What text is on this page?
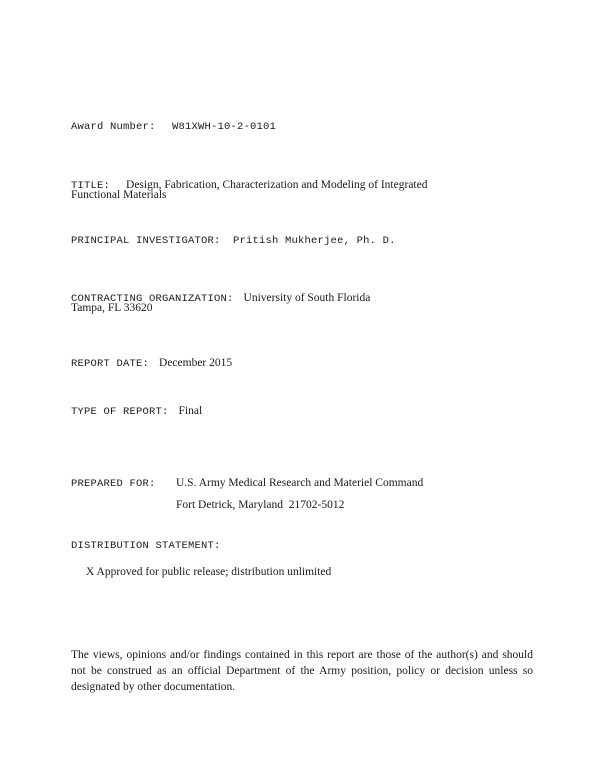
Award Number: W81XWH-10-2-0101
TITLE: Design, Fabrication, Characterization and Modeling of Integrated
Functional Materials
PRINCIPAL INVESTIGATOR: Pritish Mukherjee, Ph. D.
CONTRACTING ORGANIZATION: University of South Florida
Tampa, FL 33620
REPORT DATE: December 2015
TYPE OF REPORT: Final
PREPARED FOR: U.S. Army Medical Research and Materiel Command
Fort Detrick, Maryland  21702-5012
DISTRIBUTION STATEMENT:
X Approved for public release; distribution unlimited
The views, opinions and/or findings contained in this report are those of the author(s) and should not be construed as an official Department of the Army position, policy or decision unless so designated by other documentation.
